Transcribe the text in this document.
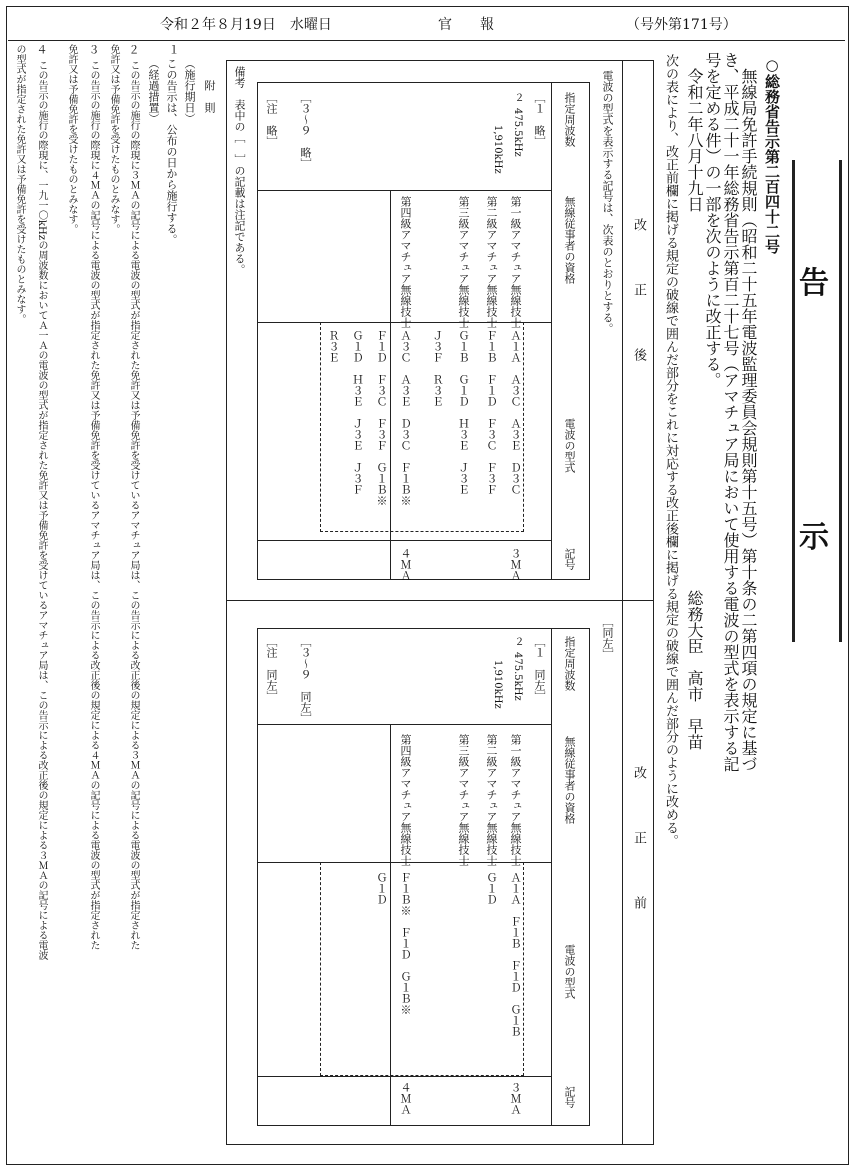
令和２年８月19日　水曜日	官　　報	（号外第171号）
告
示
○総務省告示第二百四十二号
無線局免許手続規則（昭和二十五年電波監理委員会規則第十五号）第十条の二第四項の規定に基づ
き、平成二十一年総務省告示第百二十七号（アマチュア局において使用する電波の型式を表示する記
号を定める件）の一部を次のように改正する。
令和二年八月十九日
総務大臣　高市　早苗
次の表により、改正前欄に掲げる規定の破線で囲んだ部分をこれに対応する改正後欄に掲げる規定の破線で囲んだ部分のように改める。
改　　　　正　　　　後
改　　　　正　　　　前
電波の型式を表示する記号は、次表のとおりとする。
指定周波数
無線従事者の資格
電波の型式
記号
［１　略］
２
475.5kHz
1,910kHz
第一級アマチュア無線技士
第二級アマチュア無線技士
第三級アマチュア無線技士
Ａ１Ａ　Ａ３Ｃ　Ａ３Ｅ　Ｄ３Ｃ
Ｆ１Ｂ　Ｆ１Ｄ　Ｆ３Ｃ　Ｆ３Ｆ
Ｇ１Ｂ　Ｇ１Ｄ　Ｈ３Ｅ　Ｊ３Ｅ
Ｊ３Ｆ　Ｒ３Ｅ
３ＭＡ
第四級アマチュア無線技士
Ａ３Ｃ　Ａ３Ｅ　Ｄ３Ｃ　Ｆ１Ｂ※
Ｆ１Ｄ　Ｆ３Ｃ　Ｆ３Ｆ　Ｇ１Ｂ※
Ｇ１Ｄ　Ｈ３Ｅ　Ｊ３Ｅ　Ｊ３Ｆ
Ｒ３Ｅ
４ＭＡ
［３～９　略］
［注　略］
［同左］
指定周波数
無線従事者の資格
電波の型式
記号
［１　同左］
２
475.5kHz
1,910kHz
第一級アマチュア無線技士
第二級アマチュア無線技士
第三級アマチュア無線技士
Ａ１Ａ　Ｆ１Ｂ　Ｆ１Ｄ　Ｇ１Ｂ
Ｇ１Ｄ
３ＭＡ
第四級アマチュア無線技士
Ｆ１Ｂ※　Ｆ１Ｄ　Ｇ１Ｂ※
Ｇ１Ｄ
４ＭＡ
［３～９　同左］
［注　同左］
備考　表中の［　］の記載は注記である。
附　則
１
（施行期日）
この告示は、公布の日から施行する。
（経過措置）
２
この告示の施行の際現に３ＭＡの記号による電波の型式が指定された免許又は予備免許を受けているアマチュア局は、この告示による改正後の規定による３ＭＡの記号による電波の型式が指定された
免許又は予備免許を受けたものとみなす。
３
この告示の施行の際現に４ＭＡの記号による電波の型式が指定された免許又は予備免許を受けているアマチュア局は、この告示による改正後の規定による４ＭＡの記号による電波の型式が指定された
免許又は予備免許を受けたものとみなす。
４
この告示の施行の際現に、一九一〇kHzの周波数においてＡ一Ａの電波の型式が指定された免許又は予備免許を受けているアマチュア局は、この告示による改正後の規定による３ＭＡの記号による電波
の型式が指定された免許又は予備免許を受けたものとみなす。
